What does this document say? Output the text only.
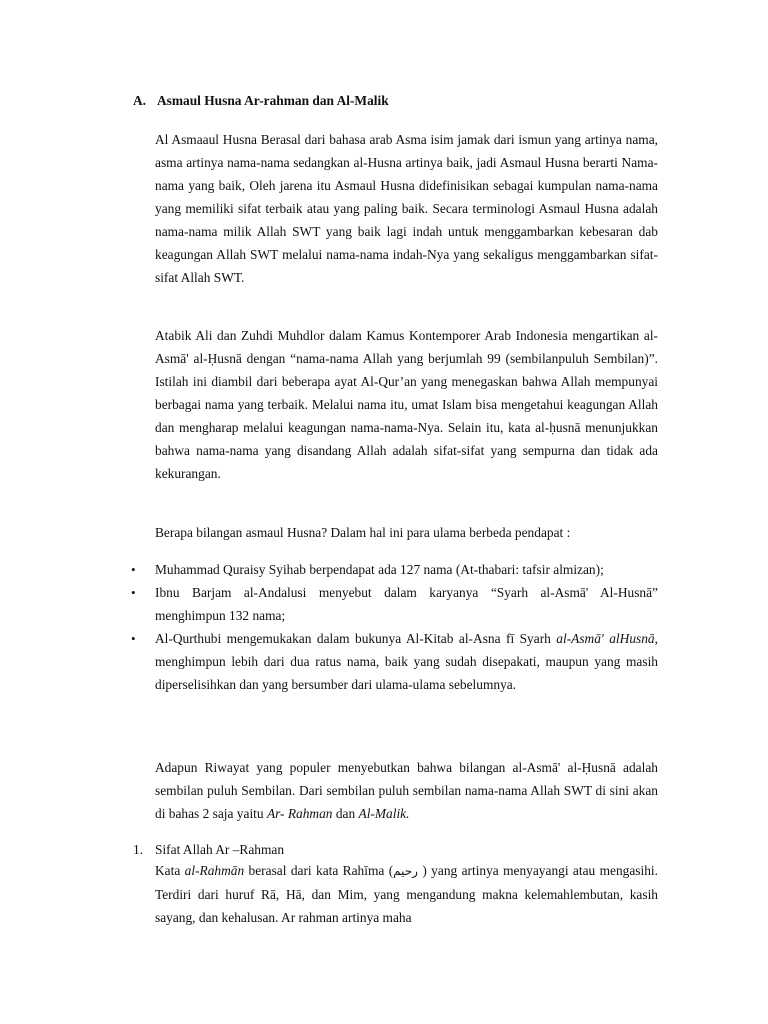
A. Asmaul Husna Ar-rahman dan Al-Malik

Al Asmaaul Husna Berasal dari bahasa arab Asma isim jamak dari ismun yang artinya nama, asma artinya nama-nama sedangkan al-Husna artinya baik, jadi Asmaul Husna berarti Nama-nama yang baik, Oleh jarena itu Asmaul Husna didefinisikan sebagai kumpulan nama-nama yang memiliki sifat terbaik atau yang paling baik. Secara terminologi Asmaul Husna adalah nama-nama milik Allah SWT yang baik lagi indah untuk menggambarkan kebesaran dab keagungan Allah SWT melalui nama-nama indah-Nya yang sekaligus menggambarkan sifat-sifat Allah SWT.

Atabik Ali dan Zuhdi Muhdlor dalam Kamus Kontemporer Arab Indonesia mengartikan al-Asmā' al-Ḥusnā dengan “nama-nama Allah yang berjumlah 99 (sembilanpuluh Sembilan)”. Istilah ini diambil dari beberapa ayat Al-Qur’an yang menegaskan bahwa Allah mempunyai berbagai nama yang terbaik. Melalui nama itu, umat Islam bisa mengetahui keagungan Allah dan mengharap melalui keagungan nama-nama-Nya. Selain itu, kata al-ḥusnā menunjukkan bahwa nama-nama yang disandang Allah adalah sifat-sifat yang sempurna dan tidak ada kekurangan.

Berapa bilangan asmaul Husna? Dalam hal ini para ulama berbeda pendapat :

• Muhammad Quraisy Syihab berpendapat ada 127 nama (At-thabari: tafsir almizan);
• Ibnu Barjam al-Andalusi menyebut dalam karyanya “Syarh al-Asmā' Al-Husnā” menghimpun 132 nama;
• Al-Qurthubi mengemukakan dalam bukunya Al-Kitab al-Asna fī Syarh al-Asmā' alHusnā, menghimpun lebih dari dua ratus nama, baik yang sudah disepakati, maupun yang masih diperselisihkan dan yang bersumber dari ulama-ulama sebelumnya.

Adapun Riwayat yang populer menyebutkan bahwa bilangan al-Asmā' al-Ḥusnā adalah sembilan puluh Sembilan. Dari sembilan puluh sembilan nama-nama Allah SWT di sini akan di bahas 2 saja yaitu Ar- Rahman dan Al-Malik.

1. Sifat Allah Ar –Rahman

Kata al-Rahmān berasal dari kata Rahīma (رحيم ) yang artinya menyayangi atau mengasihi. Terdiri dari huruf Rā, Hā, dan Mim, yang mengandung makna kelemahlembutan, kasih sayang, dan kehalusan. Ar rahman artinya maha
